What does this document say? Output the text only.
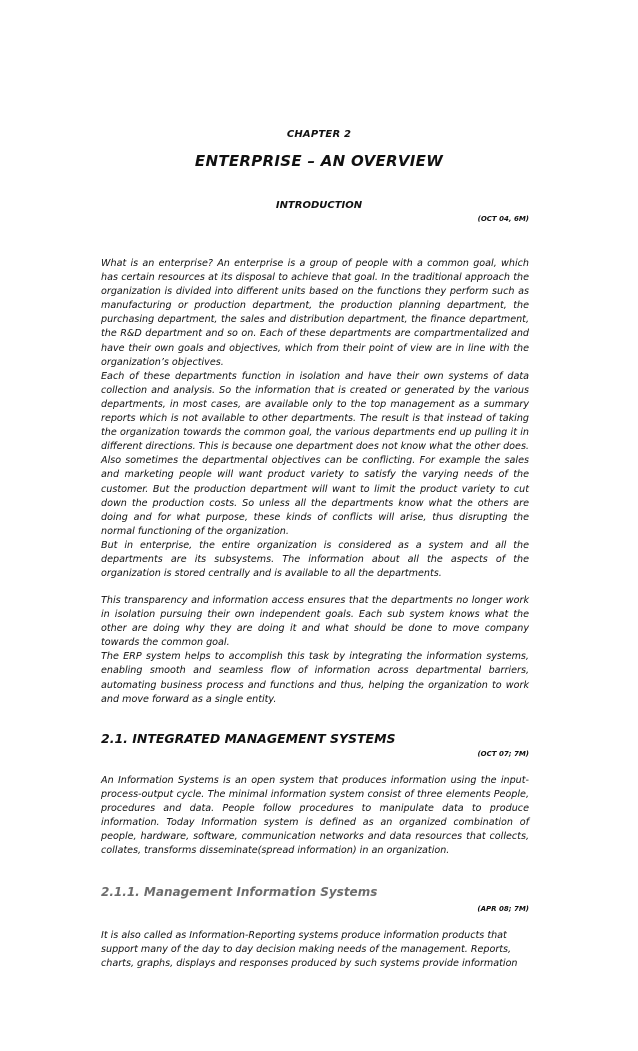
CHAPTER 2
ENTERPRISE – AN OVERVIEW
INTRODUCTION
(OCT 04, 6M)

What is an enterprise? An enterprise is a group of people with a common goal, which has certain resources at its disposal to achieve that goal. In the traditional approach the organization is divided into different units based on the functions they perform such as manufacturing or production department, the production planning department, the purchasing department, the sales and distribution department, the finance department, the R&D department and so on. Each of these departments are compartmentalized and have their own goals and objectives, which from their point of view are in line with the organization’s objectives.

Each of these departments function in isolation and have their own systems of data collection and analysis. So the information that is created or generated by the various departments, in most cases, are available only to the top management as a summary reports which is not available to other departments. The result is that instead of taking the organization towards the common goal, the various departments end up pulling it in different directions. This is because one department does not know what the other does. Also sometimes the departmental objectives can be conflicting. For example the sales and marketing people will want product variety to satisfy the varying needs of the customer. But the production department will want to limit the product variety to cut down the production costs. So unless all the departments know what the others are doing and for what purpose, these kinds of conflicts will arise, thus disrupting the normal functioning of the organization.

But in enterprise, the entire organization is considered as a system and all the departments are its subsystems. The information about all the aspects of the organization is stored centrally and is available to all the departments.

This transparency and information access ensures that the departments no longer work in isolation pursuing their own independent goals. Each sub system knows what the other are doing why they are doing it and what should be done to move company towards the common goal.

The ERP system helps to accomplish this task by integrating the information systems, enabling smooth and seamless flow of information across departmental barriers, automating business process and functions and thus, helping the organization to work and move forward as a single entity.

2.1. INTEGRATED MANAGEMENT SYSTEMS
(OCT 07; 7M)

An Information Systems is an open system that produces information using the input-process-output cycle. The minimal information system consist of three elements People, procedures and data. People follow procedures to manipulate data to produce information. Today Information system is defined as an organized combination of people, hardware, software, communication networks and data resources that collects, collates, transforms disseminate(spread information) in an organization.

2.1.1. Management Information Systems
(APR 08; 7M)
It is also called as Information-Reporting systems produce information products that
support many of the day to day decision making needs of the management. Reports,
charts, graphs, displays and responses produced by such systems provide information
